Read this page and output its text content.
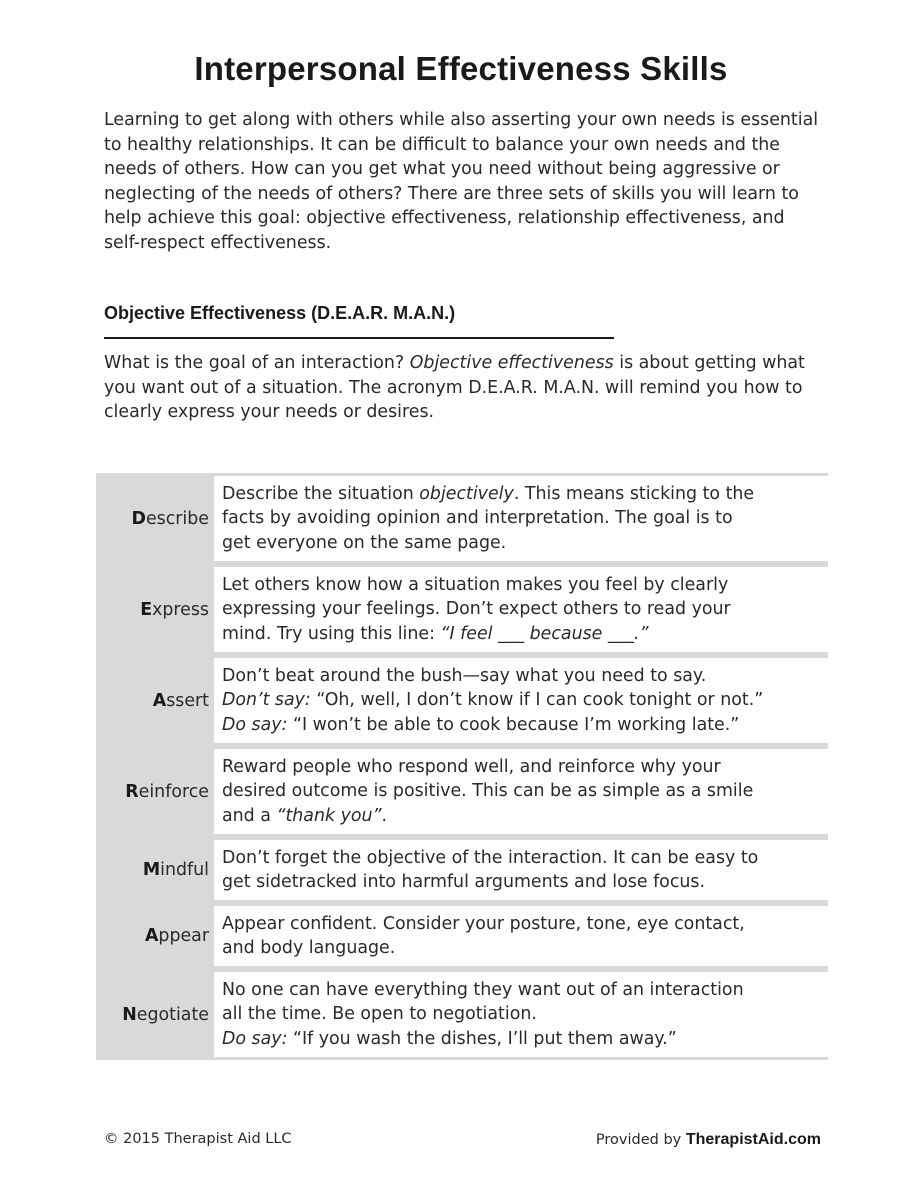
Interpersonal Effectiveness Skills
Learning to get along with others while also asserting your own needs is essential to healthy relationships. It can be difficult to balance your own needs and the needs of others. How can you get what you need without being aggressive or neglecting of the needs of others? There are three sets of skills you will learn to help achieve this goal: objective effectiveness, relationship effectiveness, and self-respect effectiveness.
Objective Effectiveness (D.E.A.R. M.A.N.)
What is the goal of an interaction? Objective effectiveness is about getting what you want out of a situation. The acronym D.E.A.R. M.A.N. will remind you how to clearly express your needs or desires.
D escribe
Describe the situation objectively. This means sticking to the
facts by avoiding opinion and interpretation. The goal is to
get everyone on the same page.
E xpress
Let others know how a situation makes you feel by clearly
expressing your feelings. Don’t expect others to read your
mind. Try using this line: “I feel ___ because ___.”
A ssert
Don’t beat around the bush—say what you need to say.
Don’t say: “Oh, well, I don’t know if I can cook tonight or not.”
Do say: “I won’t be able to cook because I’m working late.”
R einforce
Reward people who respond well, and reinforce why your
desired outcome is positive. This can be as simple as a smile
and a “thank you”.
M indful
Don’t forget the objective of the interaction. It can be easy to
get sidetracked into harmful arguments and lose focus.
A ppear
Appear confident. Consider your posture, tone, eye contact,
and body language.
N egotiate
No one can have everything they want out of an interaction
all the time. Be open to negotiation.
Do say: “If you wash the dishes, I’ll put them away.”
© 2015 Therapist Aid LLC	Provided by TherapistAid.com
